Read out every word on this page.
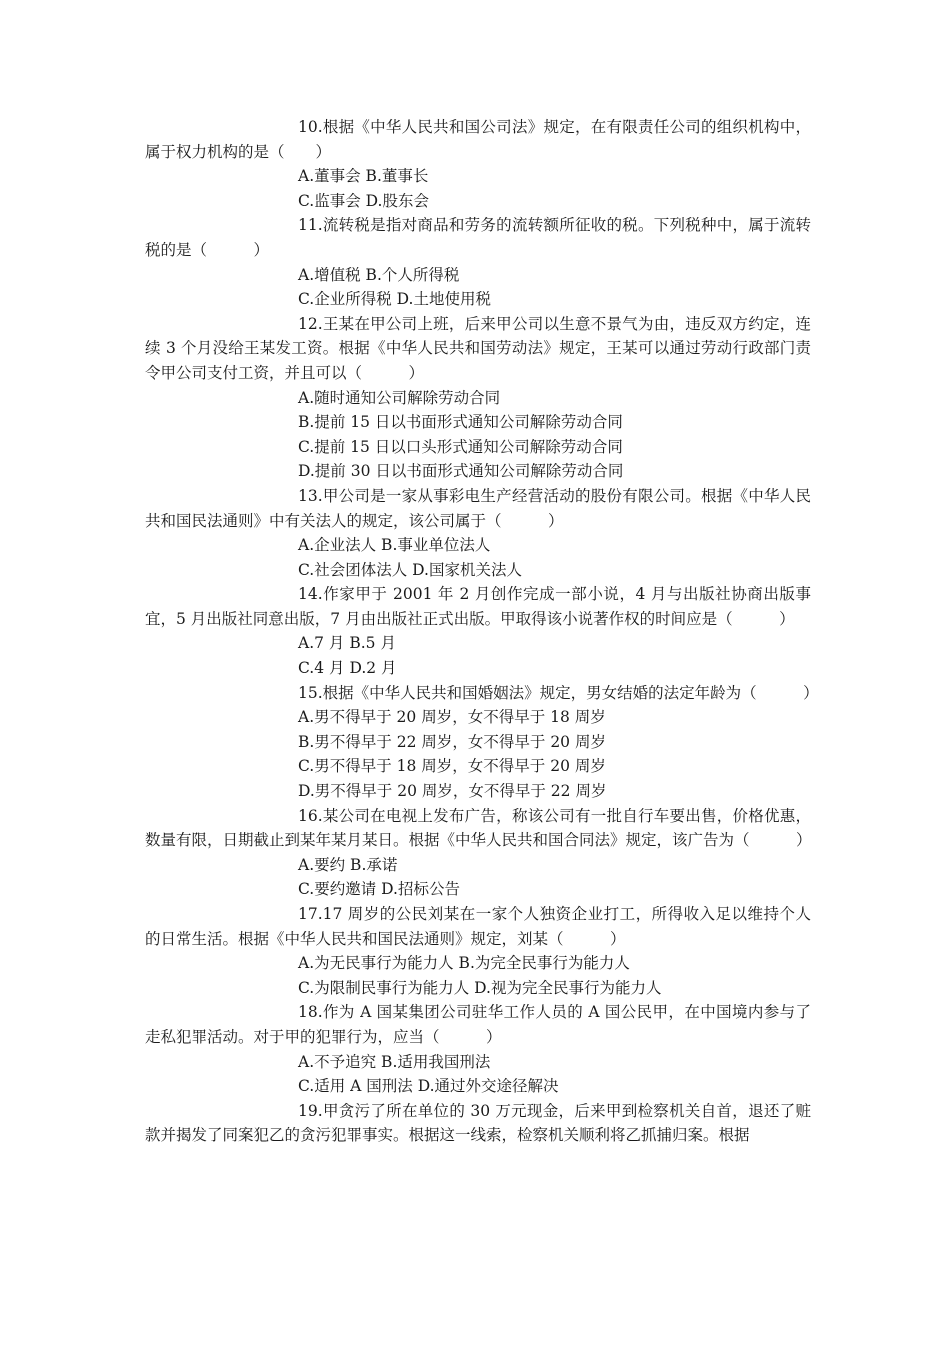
10.根据《中华人民共和国公司法》规定，在有限责任公司的组织机构中，属于权力机构的是（　　）

A.董事会 B.董事长

C.监事会 D.股东会

11.流转税是指对商品和劳务的流转额所征收的税。下列税种中，属于流转税的是（　　　）

A.增值税 B.个人所得税

C.企业所得税 D.土地使用税

12.王某在甲公司上班，后来甲公司以生意不景气为由，违反双方约定，连续 3 个月没给王某发工资。根据《中华人民共和国劳动法》规定，王某可以通过劳动行政部门责令甲公司支付工资，并且可以（　　　）

A.随时通知公司解除劳动合同

B.提前 15 日以书面形式通知公司解除劳动合同

C.提前 15 日以口头形式通知公司解除劳动合同

D.提前 30 日以书面形式通知公司解除劳动合同

13.甲公司是一家从事彩电生产经营活动的股份有限公司。根据《中华人民共和国民法通则》中有关法人的规定，该公司属于（　　　）

A.企业法人 B.事业单位法人

C.社会团体法人 D.国家机关法人

14.作家甲于 2001 年 2 月创作完成一部小说，4 月与出版社协商出版事宜，5 月出版社同意出版，7 月由出版社正式出版。甲取得该小说著作权的时间应是（　　　）

A.7 月 B.5 月

C.4 月 D.2 月

15.根据《中华人民共和国婚姻法》规定，男女结婚的法定年龄为（　　　）

A.男不得早于 20 周岁，女不得早于 18 周岁

B.男不得早于 22 周岁，女不得早于 20 周岁

C.男不得早于 18 周岁，女不得早于 20 周岁

D.男不得早于 20 周岁，女不得早于 22 周岁

16.某公司在电视上发布广告，称该公司有一批自行车要出售，价格优惠，数量有限，日期截止到某年某月某日。根据《中华人民共和国合同法》规定，该广告为（　　　）

A.要约 B.承诺

C.要约邀请 D.招标公告

17.17 周岁的公民刘某在一家个人独资企业打工，所得收入足以维持个人的日常生活。根据《中华人民共和国民法通则》规定，刘某（　　　）

A.为无民事行为能力人 B.为完全民事行为能力人

C.为限制民事行为能力人 D.视为完全民事行为能力人

18.作为 A 国某集团公司驻华工作人员的 A 国公民甲，在中国境内参与了走私犯罪活动。对于甲的犯罪行为，应当（　　　）

A.不予追究 B.适用我国刑法

C.适用 A 国刑法 D.通过外交途径解决

19.甲贪污了所在单位的 30 万元现金，后来甲到检察机关自首，退还了赃款并揭发了同案犯乙的贪污犯罪事实。根据这一线索，检察机关顺利将乙抓捕归案。根据
